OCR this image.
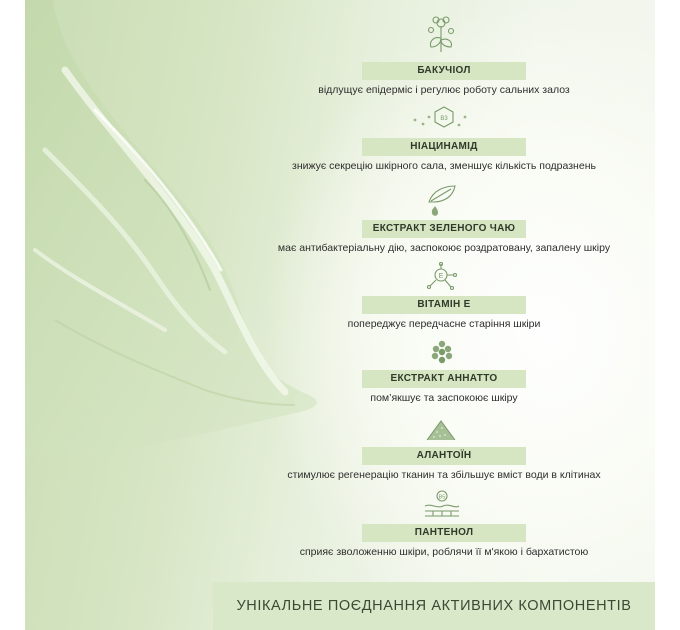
БАКУЧІОЛ
відлущує епідерміс і регулює роботу сальних залоз
B3
НІАЦИНАМІД
знижує секрецію шкірного сала, зменшує кількість подразнень
ЕКСТРАКТ ЗЕЛЕНОГО ЧАЮ
має антибактеріальну дію, заспокоює роздратовану, запалену шкіру
E
ВІТАМІН Е
попереджує передчасне старіння шкіри
ЕКСТРАКТ АННАТТО
пом’якшує та заспокоює шкіру
АЛАНТОЇН
стимулює регенерацію тканин та збільшує вміст води в клітинах
B5
ПАНТЕНОЛ
сприяє зволоженню шкіри, роблячи її м'якою і бархатистою
УНІКАЛЬНЕ ПОЄДНАННЯ АКТИВНИХ КОМПОНЕНТІВ
